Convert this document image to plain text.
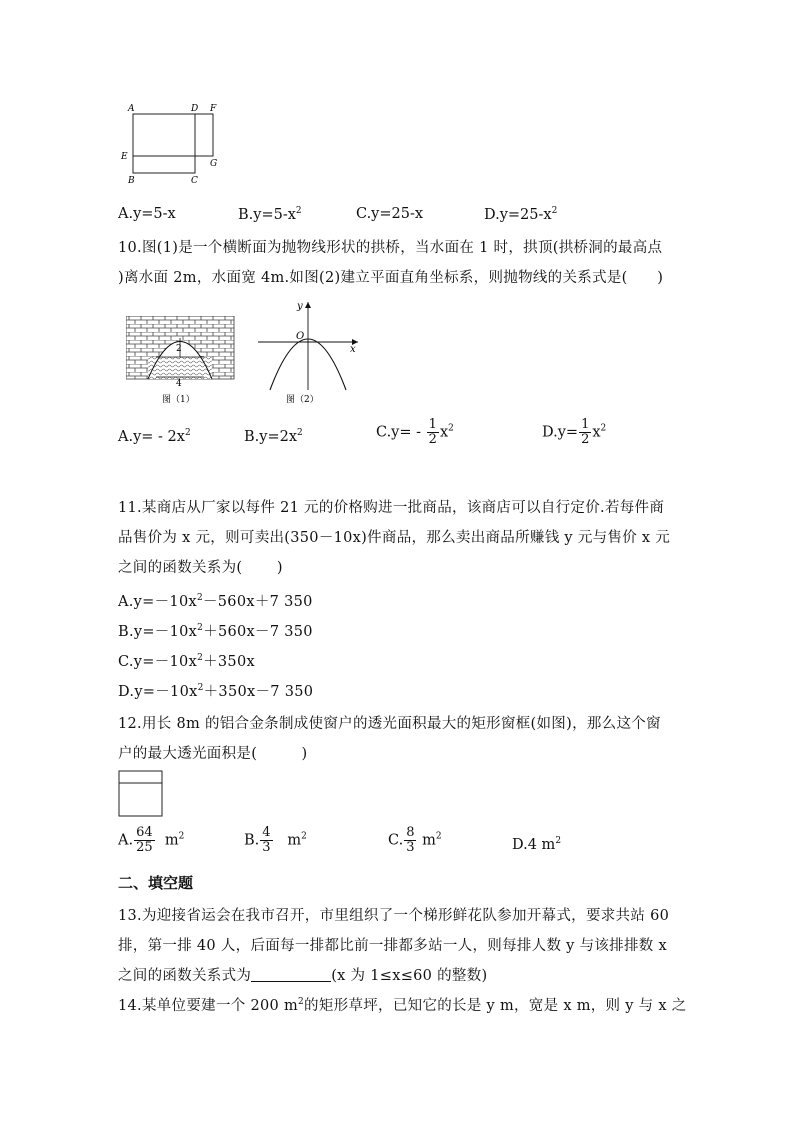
A	D F
E
G
B	C
A.y=5-x	$B.y=5-x^2$	C.y=25-x	$D.y=25-x^2$
10.图(1)是一个横断面为抛物线形状的拱桥，当水面在 1 时，拱顶(拱桥洞的最高点
)离水面 2m，水面宽 4m.如图(2)建立平面直角坐标系，则抛物线的关系式是(　　)
2
4
图（1）
y
O
x
图（2）
$A.y= - 2x^2$	$B.y=2x^2$	$C.y= - \frac{1}{2} x^2$	$D.y= \frac{1}{2} x^2$
11.某商店从厂家以每件 21 元的价格购进一批商品，该商店可以自行定价.若每件商
品售价为 x 元，则可卖出(350－10x)件商品，那么卖出商品所赚钱 y 元与售价 x 元
之间的函数关系为(　　 )
$A.y=-10x^2-560x+7$ 350
$B.y=-10x^2+560x-7$ 350
$C.y=-10x^2+350x$
$D.y=-10x^2+350x-7$ 350
12.用长 8m 的铝合金条制成使窗户的透光面积最大的矩形窗框(如图)，那么这个窗
户的最大透光面积是(　　　)
A. $\frac{64}{25} m^2$	B. $\frac{4}{3} m^2$	C. $\frac{8}{3} m^2$
D.4 $m^2$
二、填空题
13.为迎接省运会在我市召开，市里组织了一个梯形鲜花队参加开幕式，要求共站 60
排，第一排 40 人，后面每一排都比前一排都多站一人，则每排人数 y 与该排排数 x
之间的函数关系式为	(x 为 1≤x≤60 的整数)
14.某单位要建一个 200 $m^2$的矩形草坪，已知它的长是 y m，宽是 x m，则 y 与 x 之
